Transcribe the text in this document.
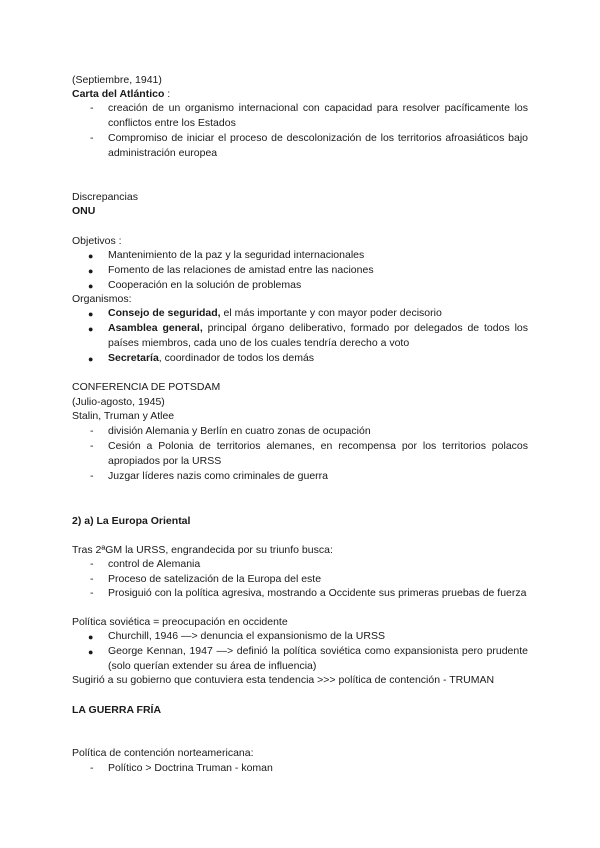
(Septiembre, 1941)
Carta del Atlántico :
- creación de un organismo internacional con capacidad para resolver pacíficamente los conflictos entre los Estados
- Compromiso de iniciar el proceso de descolonización de los territorios afroasiáticos bajo administración europea
Discrepancias
ONU
Objetivos :
● Mantenimiento de la paz y la seguridad internacionales
● Fomento de las relaciones de amistad entre las naciones
● Cooperación en la solución de problemas
Organismos:
● Consejo de seguridad, el más importante y con mayor poder decisorio
● Asamblea general, principal órgano deliberativo, formado por delegados de todos los países miembros, cada uno de los cuales tendría derecho a voto
● Secretaría, coordinador de todos los demás
CONFERENCIA DE POTSDAM
(Julio-agosto, 1945)
Stalin, Truman y Atlee
- división Alemania y Berlín en cuatro zonas de ocupación
- Cesión a Polonia de territorios alemanes, en recompensa por los territorios polacos apropiados por la URSS
- Juzgar líderes nazis como criminales de guerra
2) a) La Europa Oriental
Tras 2ªGM la URSS, engrandecida por su triunfo busca:
- control de Alemania
- Proceso de satelización de la Europa del este
- Prosiguió con la política agresiva, mostrando a Occidente sus primeras pruebas de fuerza
Política soviética = preocupación en occidente
● Churchill, 1946 —> denuncia el expansionismo de la URSS
● George Kennan, 1947 —> definió la política soviética como expansionista pero prudente (solo querían extender su área de influencia)
Sugirió a su gobierno que contuviera esta tendencia >>> política de contención - TRUMAN
LA GUERRA FRÍA
Política de contención norteamericana:
- Político > Doctrina Truman - koman
